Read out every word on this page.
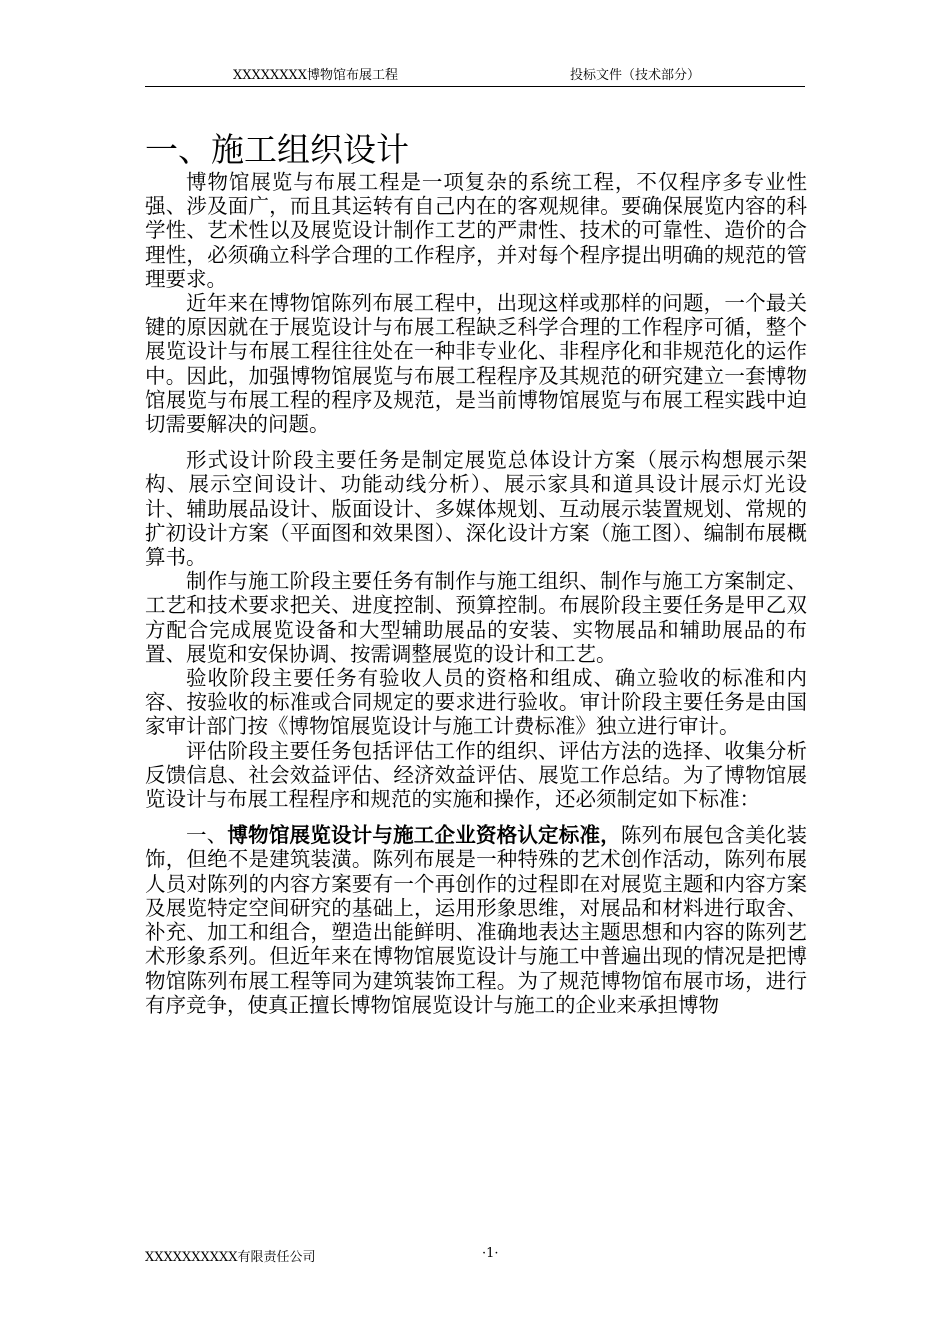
XXXXXXXX博物馆布展工程	投标文件（技术部分）
一、施工组织设计

博物馆展览与布展工程是一项复杂的系统工程，不仅程序多专业性强、涉及面广，而且其运转有自己内在的客观规律。要确保展览内容的科学性、艺术性以及展览设计制作工艺的严肃性、技术的可靠性、造价的合理性，必须确立科学合理的工作程序，并对每个程序提出明确的规范的管理要求。

近年来在博物馆陈列布展工程中，出现这样或那样的问题，一个最关键的原因就在于展览设计与布展工程缺乏科学合理的工作程序可循，整个展览设计与布展工程往往处在一种非专业化、非程序化和非规范化的运作中。因此，加强博物馆展览与布展工程程序及其规范的研究建立一套博物馆展览与布展工程的程序及规范，是当前博物馆展览与布展工程实践中迫切需要解决的问题。

形式设计阶段主要任务是制定展览总体设计方案（展示构想展示架构、展示空间设计、功能动线分析）、展示家具和道具设计展示灯光设计、辅助展品设计、版面设计、多媒体规划、互动展示装置规划、常规的扩初设计方案（平面图和效果图）、深化设计方案（施工图）、编制布展概算书。

制作与施工阶段主要任务有制作与施工组织、制作与施工方案制定、工艺和技术要求把关、进度控制、预算控制。布展阶段主要任务是甲乙双方配合完成展览设备和大型辅助展品的安装、实物展品和辅助展品的布置、展览和安保协调、按需调整展览的设计和工艺。

验收阶段主要任务有验收人员的资格和组成、确立验收的标准和内容、按验收的标准或合同规定的要求进行验收。审计阶段主要任务是由国家审计部门按《博物馆展览设计与施工计费标准》独立进行审计。

评估阶段主要任务包括评估工作的组织、评估方法的选择、收集分析反馈信息、社会效益评估、经济效益评估、展览工作总结。为了博物馆展览设计与布展工程程序和规范的实施和操作，还必须制定如下标准：

一、博物馆展览设计与施工企业资格认定标准，陈列布展包含美化装饰，但绝不是建筑装潢。陈列布展是一种特殊的艺术创作活动，陈列布展人员对陈列的内容方案要有一个再创作的过程即在对展览主题和内容方案及展览特定空间研究的基础上，运用形象思维，对展品和材料进行取舍、补充、加工和组合，塑造出能鲜明、准确地表达主题思想和内容的陈列艺术形象系列。但近年来在博物馆展览设计与施工中普遍出现的情况是把博物馆陈列布展工程等同为建筑装饰工程。为了规范博物馆布展市场，进行有序竞争，使真正擅长博物馆展览设计与施工的企业来承担博物

XXXXXXXXXX有限责任公司	·1·
